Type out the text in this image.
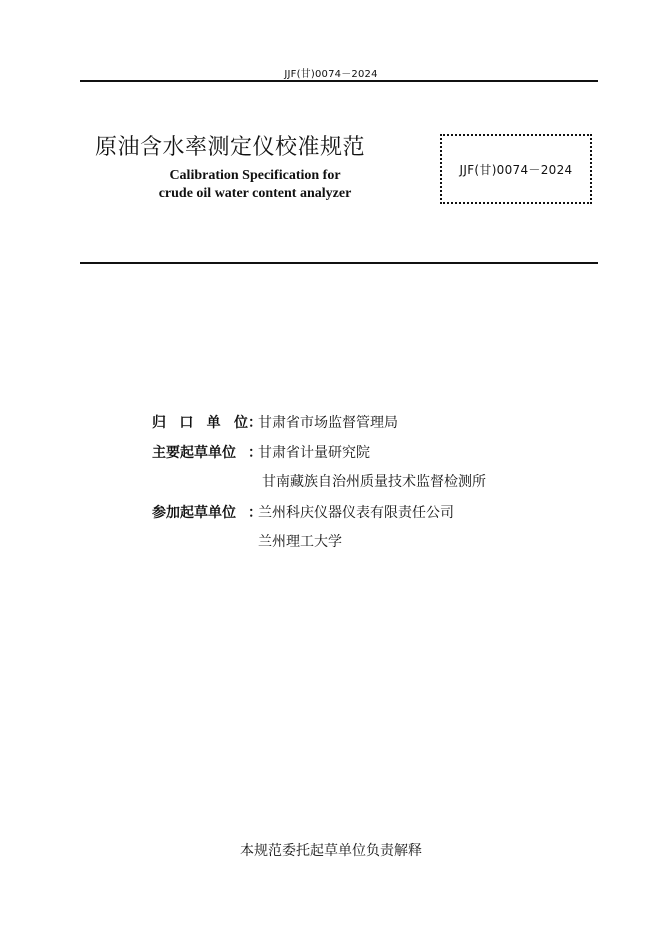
JJF(甘)0074－2024
原油含水率测定仪校准规范
Calibration Specification for
crude oil water content analyzer
JJF(甘)0074－2024
归 口 单 位 ：
甘肃省市场监督管理局
主要起草单位 ：
甘肃省计量研究院
甘南藏族自治州质量技术监督检测所
参加起草单位 ：
兰州科庆仪器仪表有限责任公司
兰州理工大学
本规范委托起草单位负责解释
